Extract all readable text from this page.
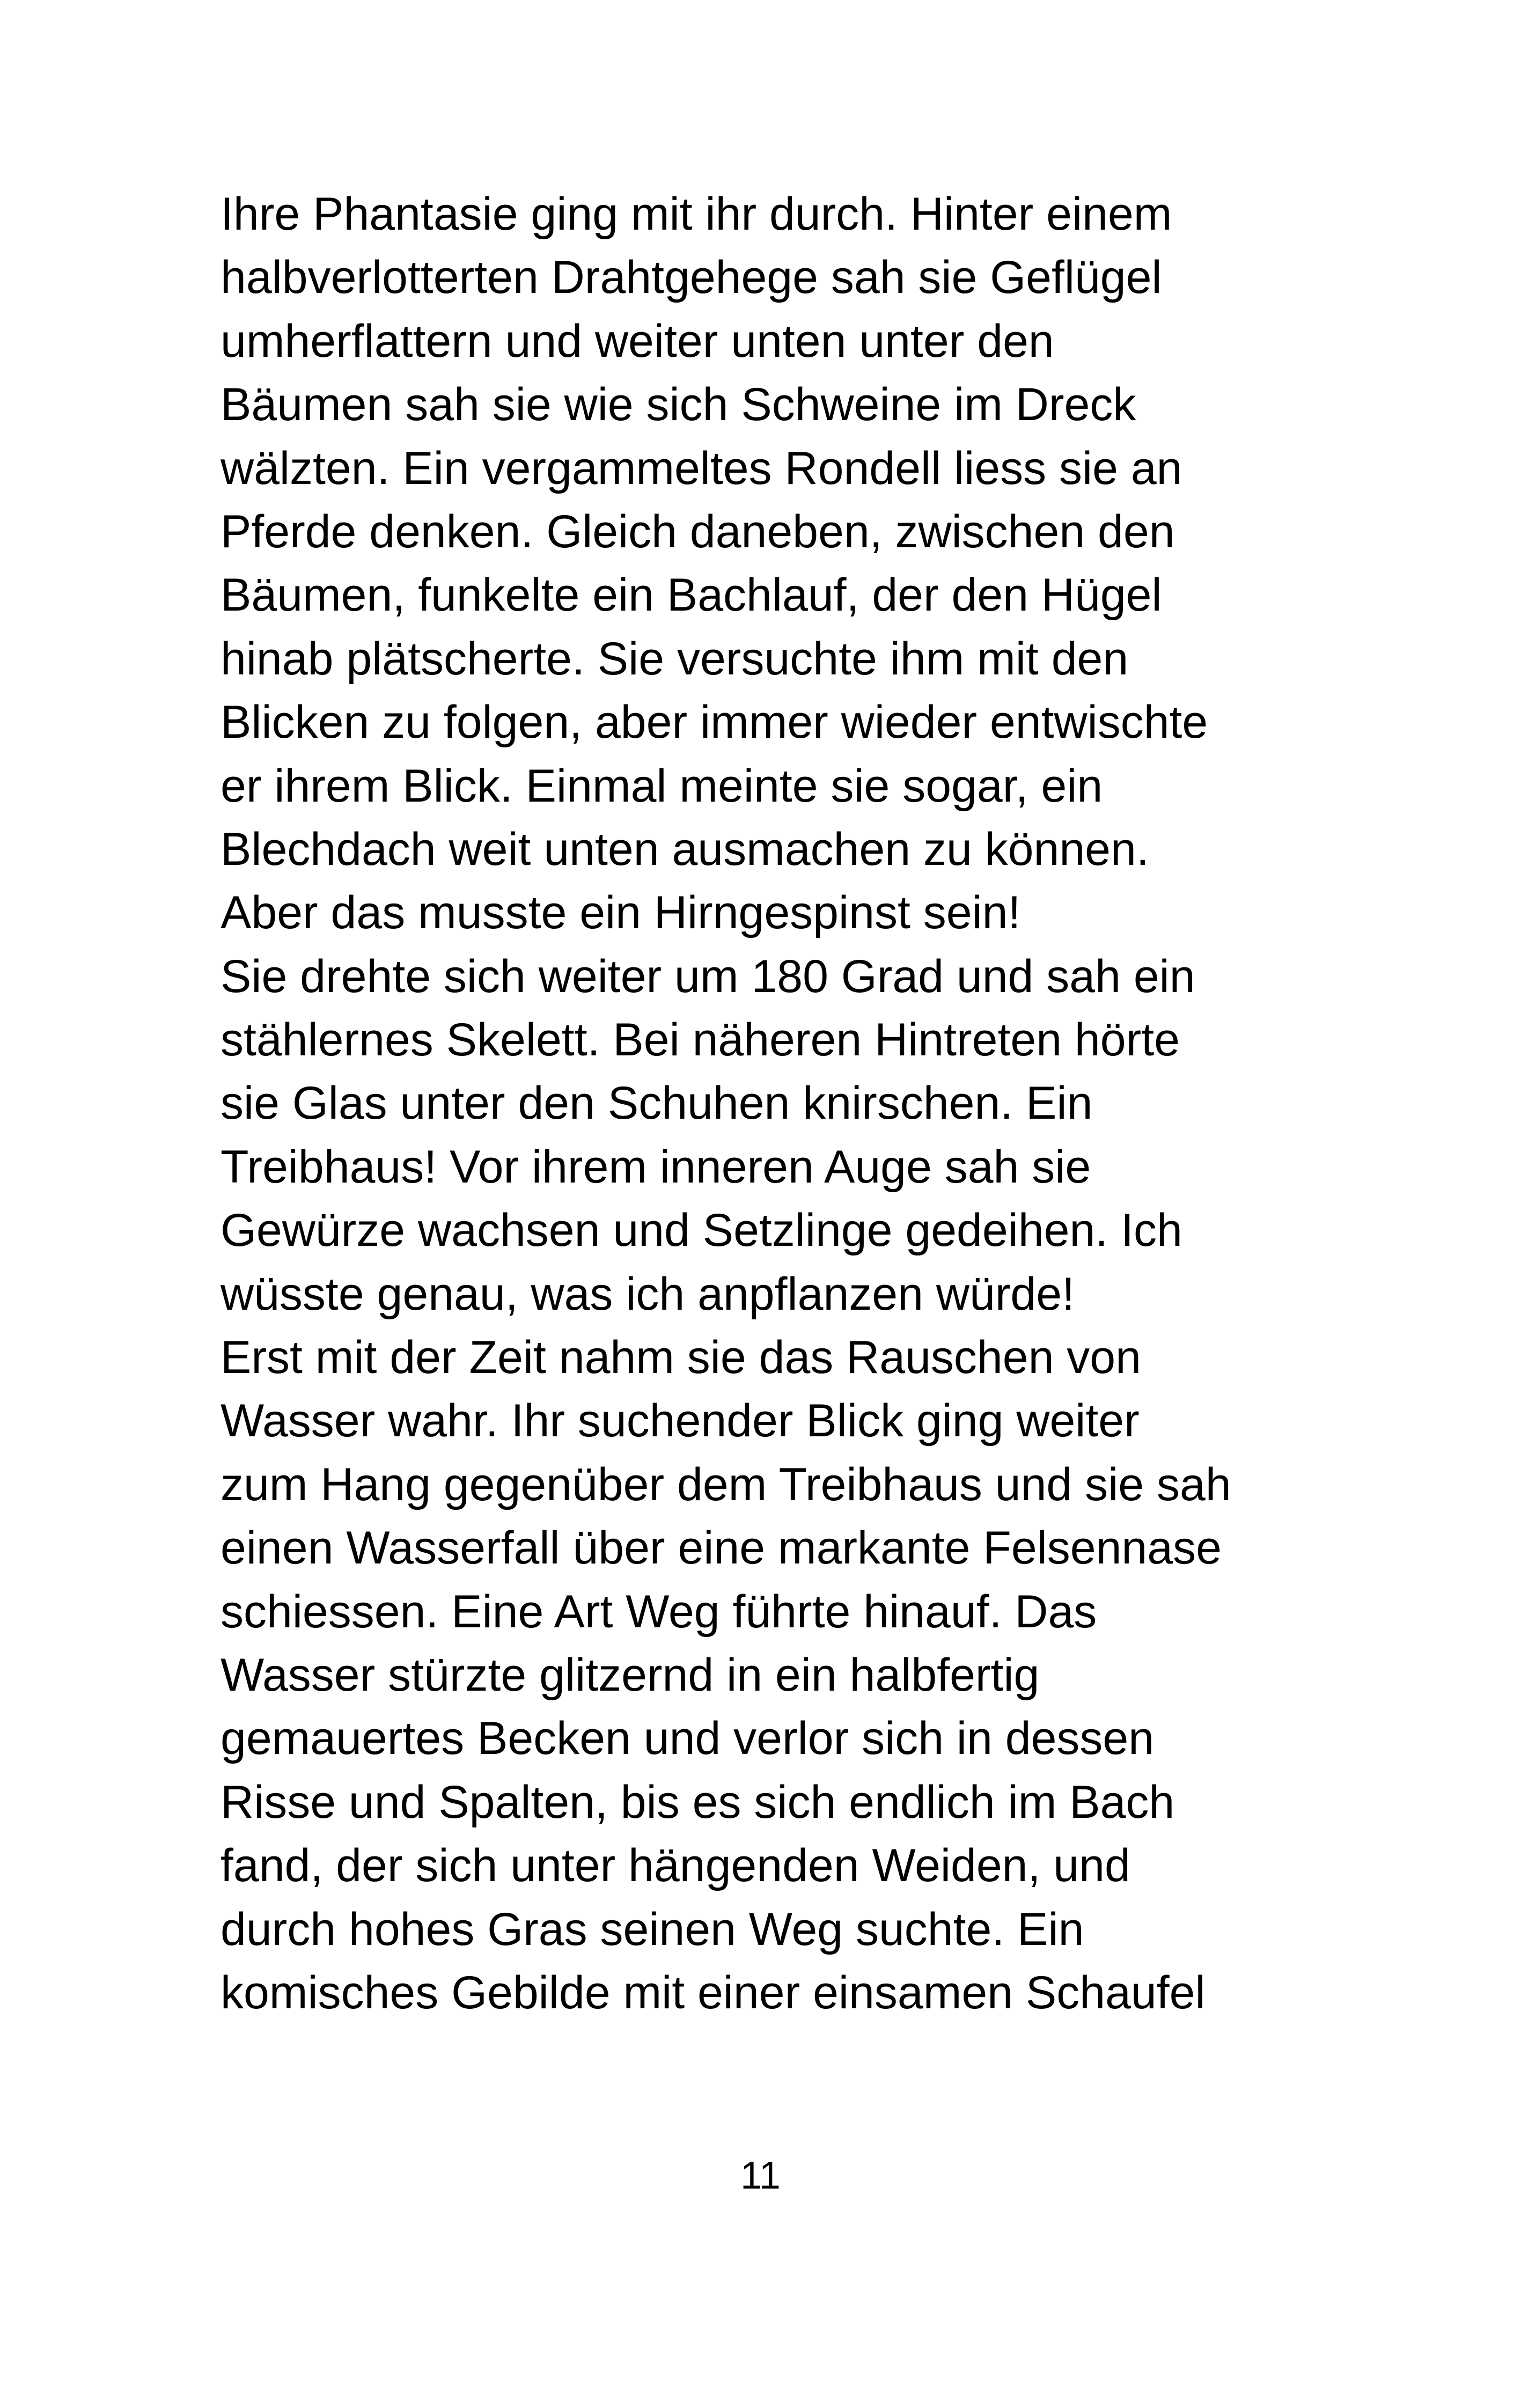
Ihre Phantasie ging mit ihr durch. Hinter einem
halbverlotterten Drahtgehege sah sie Geflügel
umherflattern und weiter unten unter den
Bäumen sah sie wie sich Schweine im Dreck
wälzten. Ein vergammeltes Rondell liess sie an
Pferde denken. Gleich daneben, zwischen den
Bäumen, funkelte ein Bachlauf, der den Hügel
hinab plätscherte. Sie versuchte ihm mit den
Blicken zu folgen, aber immer wieder entwischte
er ihrem Blick. Einmal meinte sie sogar, ein
Blechdach weit unten ausmachen zu können.
Aber das musste ein Hirngespinst sein!
Sie drehte sich weiter um 180 Grad und sah ein
stählernes Skelett. Bei näheren Hintreten hörte
sie Glas unter den Schuhen knirschen. Ein
Treibhaus! Vor ihrem inneren Auge sah sie
Gewürze wachsen und Setzlinge gedeihen. Ich
wüsste genau, was ich anpflanzen würde!
Erst mit der Zeit nahm sie das Rauschen von
Wasser wahr. Ihr suchender Blick ging weiter
zum Hang gegenüber dem Treibhaus und sie sah
einen Wasserfall über eine markante Felsennase
schiessen. Eine Art Weg führte hinauf. Das
Wasser stürzte glitzernd in ein halbfertig
gemauertes Becken und verlor sich in dessen
Risse und Spalten, bis es sich endlich im Bach
fand, der sich unter hängenden Weiden, und
durch hohes Gras seinen Weg suchte. Ein
komisches Gebilde mit einer einsamen Schaufel
11
